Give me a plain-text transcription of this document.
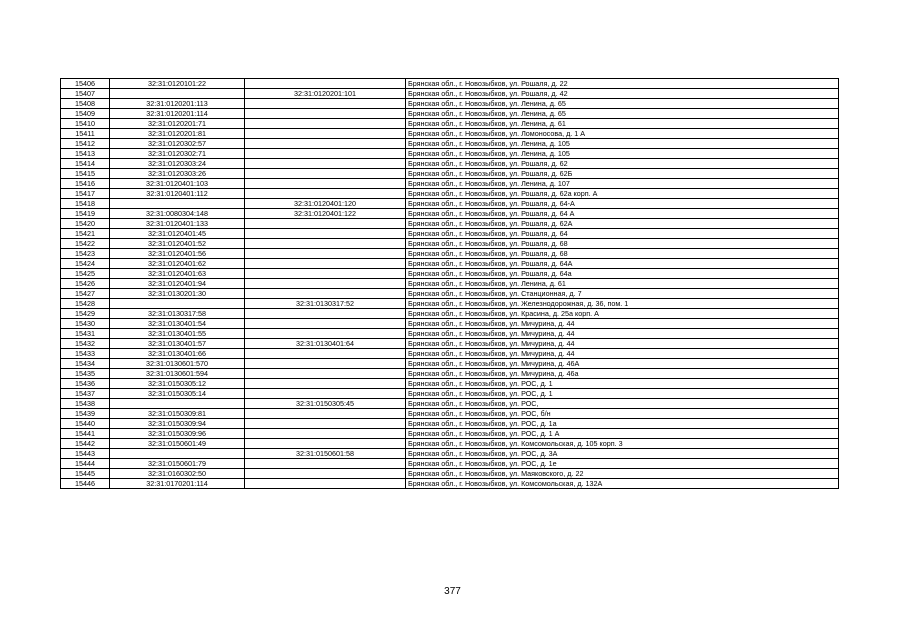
15406	32:31:0120101:22		Брянская обл., г. Новозыбков, ул. Рошаля, д. 22
15407		32:31:0120201:101	Брянская обл., г. Новозыбков, ул. Рошаля, д. 42
15408	32:31:0120201:113		Брянская обл., г. Новозыбков, ул. Ленина, д. 65
15409	32:31:0120201:114		Брянская обл., г. Новозыбков, ул. Ленина, д. 65
15410	32:31:0120201:71		Брянская обл., г. Новозыбков, ул. Ленина, д. 61
15411	32:31:0120201:81		Брянская обл., г. Новозыбков, ул. Ломоносова, д. 1 А
15412	32:31:0120302:57		Брянская обл., г. Новозыбков, ул. Ленина, д. 105
15413	32:31:0120302:71		Брянская обл., г. Новозыбков, ул. Ленина, д. 105
15414	32:31:0120303:24		Брянская обл., г. Новозыбков, ул. Рошаля, д. 62
15415	32:31:0120303:26		Брянская обл., г. Новозыбков, ул. Рошаля, д. 62Б
15416	32:31:0120401:103		Брянская обл., г. Новозыбков, ул. Ленина, д. 107
15417	32:31:0120401:112		Брянская обл., г. Новозыбков, ул. Рошаля, д. 62а корп. А
15418		32:31:0120401:120	Брянская обл., г. Новозыбков, ул. Рошаля, д. 64-А
15419	32:31:0080304:148	32:31:0120401:122	Брянская обл., г. Новозыбков, ул. Рошаля, д. 64 А
15420	32:31:0120401:133		Брянская обл., г. Новозыбков, ул. Рошаля, д. 62А
15421	32:31:0120401:45		Брянская обл., г. Новозыбков, ул. Рошаля, д. 64
15422	32:31:0120401:52		Брянская обл., г. Новозыбков, ул. Рошаля, д. 68
15423	32:31:0120401:56		Брянская обл., г. Новозыбков, ул. Рошаля, д. 68
15424	32:31:0120401:62		Брянская обл., г. Новозыбков, ул. Рошаля, д. 64А
15425	32:31:0120401:63		Брянская обл., г. Новозыбков, ул. Рошаля, д. 64а
15426	32:31:0120401:94		Брянская обл., г. Новозыбков, ул. Ленина, д. 61
15427	32:31:0130201:30		Брянская обл., г. Новозыбков, ул. Станционная, д. 7
15428		32:31:0130317:52	Брянская обл., г. Новозыбков, ул. Железнодорожная, д. 36, пом. 1
15429	32:31:0130317:58		Брянская обл., г. Новозыбков, ул. Красина, д. 25а корп. А
15430	32:31:0130401:54		Брянская обл., г. Новозыбков, ул. Мичурина, д. 44
15431	32:31:0130401:55		Брянская обл., г. Новозыбков, ул. Мичурина, д. 44
15432	32:31:0130401:57	32:31:0130401:64	Брянская обл., г. Новозыбков, ул. Мичурина, д. 44
15433	32:31:0130401:66		Брянская обл., г. Новозыбков, ул. Мичурина, д. 44
15434	32:31:0130601:570		Брянская обл., г. Новозыбков, ул. Мичурина, д. 46А
15435	32:31:0130601:594		Брянская обл., г. Новозыбков, ул. Мичурина, д. 46а
15436	32:31:0150305:12		Брянская обл., г. Новозыбков, ул. РОС, д. 1
15437	32:31:0150305:14		Брянская обл., г. Новозыбков, ул. РОС, д. 1
15438		32:31:0150305:45	Брянская обл., г. Новозыбков, ул. РОС,
15439	32:31:0150309:81		Брянская обл., г. Новозыбков, ул. РОС, б/н
15440	32:31:0150309:94		Брянская обл., г. Новозыбков, ул. РОС, д. 1а
15441	32:31:0150309:96		Брянская обл., г. Новозыбков, ул. РОС, д. 1 А
15442	32:31:0150601:49		Брянская обл., г. Новозыбков, ул. Комсомольская, д. 105 корп. 3
15443		32:31:0150601:58	Брянская обл., г. Новозыбков, ул. РОС, д. 3А
15444	32:31:0150601:79		Брянская обл., г. Новозыбков, ул. РОС, д. 1е
15445	32:31:0160302:50		Брянская обл., г. Новозыбков, ул. Маяковского, д. 22
15446	32:31:0170201:114		Брянская обл., г. Новозыбков, ул. Комсомольская, д. 132А
377
